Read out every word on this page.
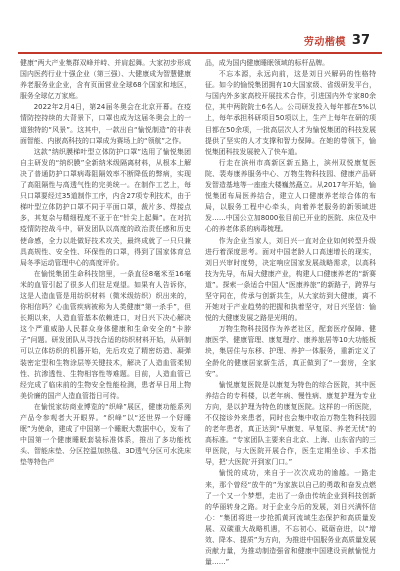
劳动楷模 37

健康“两大产业集群双峰并峙、并肩起舞。大家初步形成国内医药行业十强企业（第三强）、大健康成为智慧健康养老服务业企业，含有页面营业全球68个国家和地区，服务全球亿万家庭。

2022年2月4日，第24届冬奥会在北京开幕。在疫情防控持续的大背景下，口罩也成为这届冬奥会上的一道独特的“风景”。这其中，一款出自“愉悦制造”的非表面智能、内嵌高科技的口罩成为赛场上的“领航”之作。

这款“纳织膜梯叶型立体防护口罩”选用了愉悦集团自主研发的“纳织膜”全新纳米级隔离材料，从根本上解决了普通防护口罩病毒阻隔效率不断降低的弊病，实现了高阻隔性与高透气性的完美统一。在制作工艺上，每只口罩要经过35道制作工序，内含27项专利技术，由于梯叶型立体防护口罩不同于平面口罩，裁片多、焊接点多，其复杂与精细程度不亚于在“针尖上起舞”。在对抗疫情防控战斗中，研发团队以高度的政治责任感和历史使命感，全力以赴做好技术攻关，最终成就了一只只兼具高规性、安全性、环保性的口罩，得到了国家体育总局冬季运动管理中心的高度评价。

在愉悦集团生命科技馆里，一条直径8毫米至16毫米的血管引起了很多人们驻足观望。如果有人告诉你，这是人造血管是用纺织材料（微米级纺织）织出来的，你相信吗？心血管疾病被称为人类健康“第一杀手”，但长期以来，人造血管基本依赖进口，对日兴下决心解决这个严重威胁人民群众身体健康和生命安全的“卡脖子”问题。研发团队从寻找合适的纺织材料开始，从研制可以立体纺织的机器开始，先后攻克了精密纺造、凝弹装密定型和生物涂层等关键技术，解决了人造血管柔韧性、抗渗透性、生物相容性等难题。目前，人造血管已经完成了临床前的生物安全性能检测，患者早日用上物美价廉的国产人造血管指日可待。

在愉悦家纺商业博览的“织峰”展区，健康功能系列产品令参观者大开眼界。“织峰”以“还世界一个好睡眠”为使命，建成了中国第一个睡眠大数据中心，发布了中国第一个健康睡眠套装标准体系，推出了多功能枕头、智能床垫、分区控温加热毯、3D透气分区可水洗床垫等特色产

品，成为国内健康睡眠领域的标杆品牌。

不忘本源，永远向前，这是刘日兴解码的性格特征。如今的愉悦集团拥有10大国家级、省级研发平台，与国内外多家高校开展技术合作，引进国内外专家80余位，其中两院院士6名人。公司研发投入每年都在5%以上，每年承担科研项目50项以上，生产上每年在研的项目都在50余项，一批高层次人才为愉悦集团的科技发展提供了坚实的人才支撑和智力保障。在她的带领下，愉悦集团科技发展驶入了快车道。

行走在滨州市高新区新五路上，滨州双悦康复医院、裴寿康养服务中心、万物生物科技园、健康产品研发智造基地等一座座大楼巍然矗立。从2017年开始，愉悦集团布局医养结合，建立人口健康养老综合体的布局，以服务工程中心牵头，向着养老服务的新领域进发……中国公立加8000张目前已开业的医院、床位及中心的养老体系的病毒梳理。

作为企业当家人，刘日兴一直对企业如何转型升级进行着深度思考。面对中国老龄人口高速增长的现实，刘日兴审时度势，决定响应国家发展战略需求，以高科技为先导，布局大健康产业，构建人口健康养老的“新赛道”。探索一条适合中国人“医康养旅”的新路子，跨界与坚守同在，传承与创新共生，从大家纺到大健康，离不开她对于产业趋势的把握和执着坚守，对日兴坚信：愉悦的大健康发展之路是光明的。

万物生物科技园作为养老社区，配套医疗保障、健康医学、健康管理、康复理疗、康养旅居等10大功能板块，集居住与东移、护理、养护一体服务，重新定义了全龄化的健康居家新生活，真正做到了“一套房，全家安”。

愉悦康复医院是以康复为特色的综合医院，其中医养结合的专科楼，以老年病、慢性病、康复护理为专业方向，是以护理为特色的康复医院。这样的一所医院，不仅接诊外来患者，同时也会集中收治万物生物科技园的老年患者，真正达到“早康复、早复原、养老无忧”的高标准。“专家团队主要来自北京、上海、山东省内的三甲医院，与大医院开展合作，医生定期坐诊、手术指导，把‘大医院’开到家门口。”

愉悦的成功，来自于一次次成功的逾越。一路走来，那个曾经“放牛的”为家族以自己的勇敢和奋发点燃了一个又一个梦想，走出了一条由传统企业到科技创新的华丽转身之路。对于企业今后的发展，刘日兴满怀信心：“集团将进一步抢抓黄河流域生态保护和高质量发展、双碳重大战略机遇，不忘初心、砥砺奋进，以“增效、降本、提质”为方向，为推进中国服务业高质量发展贡献力量，为推动制造强省和健康中国建设贡献愉悦力量……”
